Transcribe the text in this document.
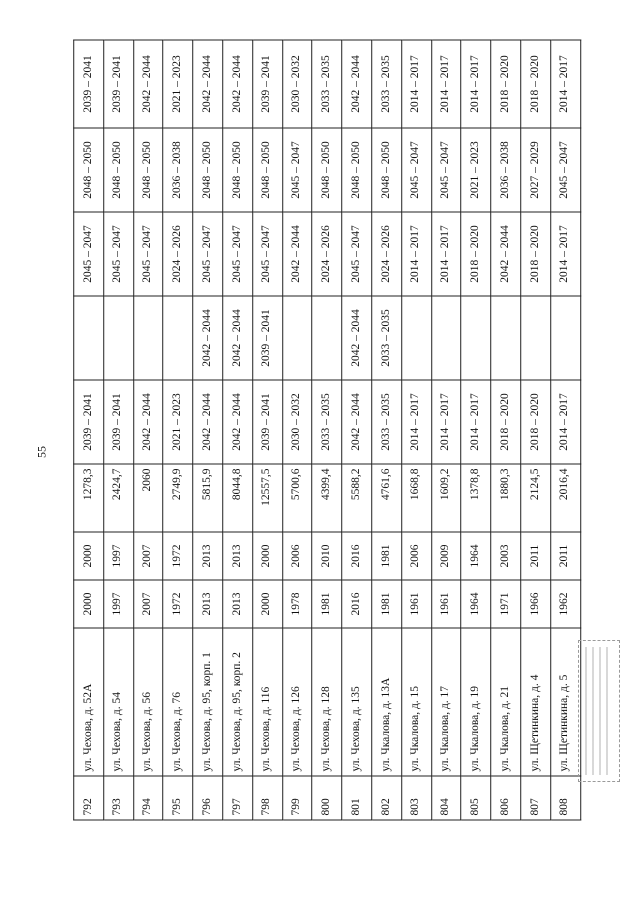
55
792	ул. Чехова, д. 52А	2000	2000	1278,3	2039 – 2041		2045 – 2047	2048 – 2050	2039 – 2041
793	ул. Чехова, д. 54	1997	1997	2424,7	2039 – 2041		2045 – 2047	2048 – 2050	2039 – 2041
794	ул. Чехова, д. 56	2007	2007	2060	2042 – 2044		2045 – 2047	2048 – 2050	2042 – 2044
795	ул. Чехова, д. 76	1972	1972	2749,9	2021 – 2023		2024 – 2026	2036 – 2038	2021 – 2023
796	ул. Чехова, д. 95, корп. 1	2013	2013	5815,9	2042 – 2044	2042 – 2044	2045 – 2047	2048 – 2050	2042 – 2044
797	ул. Чехова, д. 95, корп. 2	2013	2013	8044,8	2042 – 2044	2042 – 2044	2045 – 2047	2048 – 2050	2042 – 2044
798	ул. Чехова, д. 116	2000	2000	12557,5	2039 – 2041	2039 – 2041	2045 – 2047	2048 – 2050	2039 – 2041
799	ул. Чехова, д. 126	1978	2006	5700,6	2030 – 2032		2042 – 2044	2045 – 2047	2030 – 2032
800	ул. Чехова, д. 128	1981	2010	4399,4	2033 – 2035		2024 – 2026	2048 – 2050	2033 – 2035
801	ул. Чехова, д. 135	2016	2016	5588,2	2042 – 2044	2042 – 2044	2045 – 2047	2048 – 2050	2042 – 2044
802	ул. Чкалова, д. 13А	1981	1981	4761,6	2033 – 2035	2033 – 2035	2024 – 2026	2048 – 2050	2033 – 2035
803	ул. Чкалова, д. 15	1961	2006	1668,8	2014 – 2017		2014 – 2017	2045 – 2047	2014 – 2017
804	ул. Чкалова, д. 17	1961	2009	1609,2	2014 – 2017		2014 – 2017	2045 – 2047	2014 – 2017
805	ул. Чкалова, д. 19	1964	1964	1378,8	2014 – 2017		2018 – 2020	2021 – 2023	2014 – 2017
806	ул. Чкалова, д. 21	1971	2003	1880,3	2018 – 2020		2042 – 2044	2036 – 2038	2018 – 2020
807	ул. Щетинкина, д. 4	1966	2011	2124,5	2018 – 2020		2018 – 2020	2027 – 2029	2018 – 2020
808	ул. Щетинкина, д. 5	1962	2011	2016,4	2014 – 2017		2014 – 2017	2045 – 2047	2014 – 2017
